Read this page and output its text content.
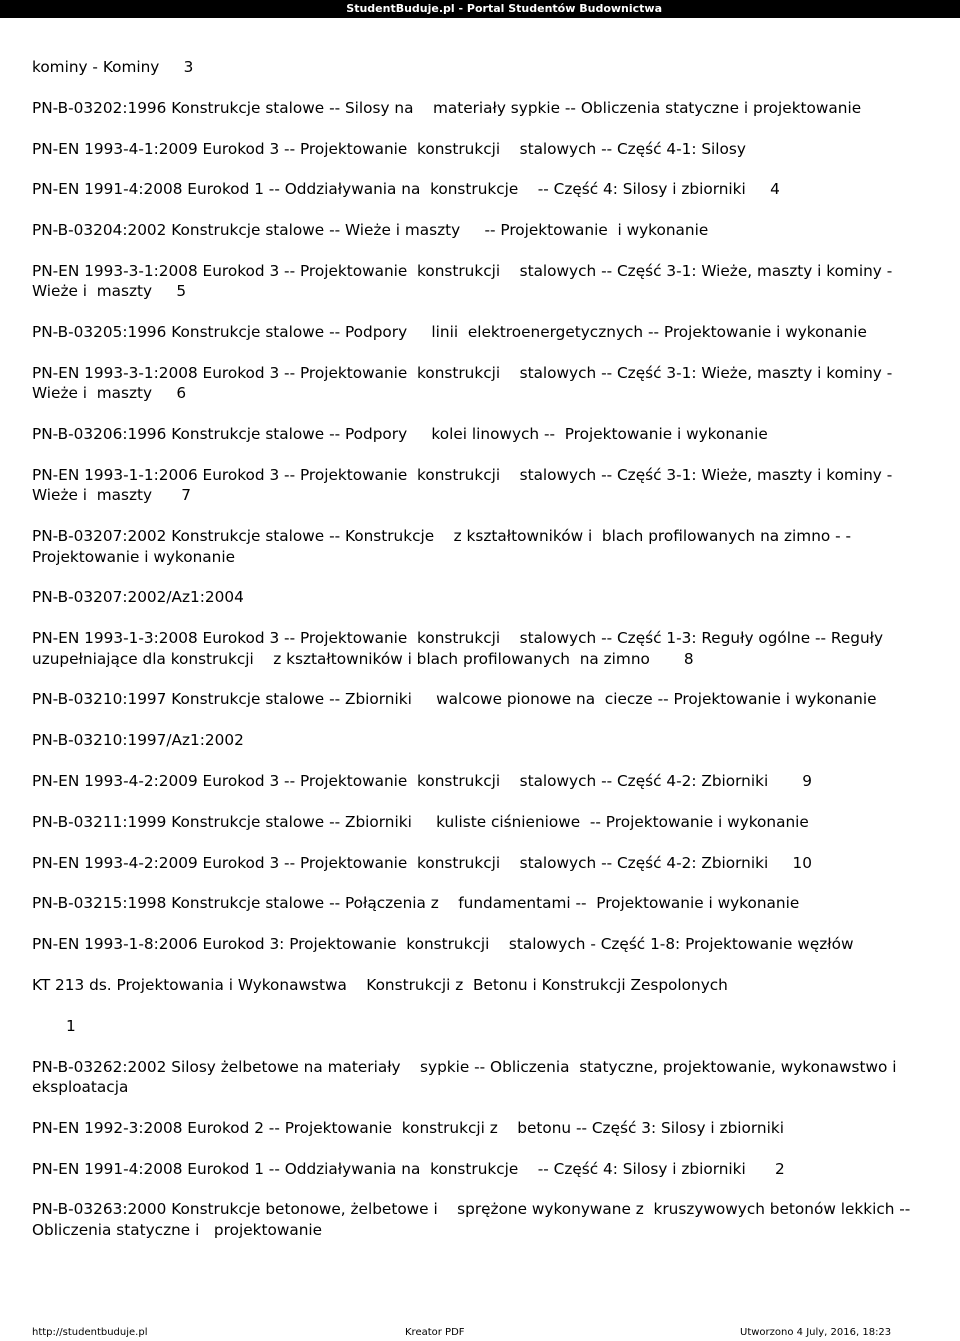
StudentBuduje.pl - Portal Studentów Budownictwa

kominy - Kominy     3

PN-B-03202:1996 Konstrukcje stalowe -- Silosy na    materiały sypkie -- Obliczenia statyczne i projektowanie

PN-EN 1993-4-1:2009 Eurokod 3 -- Projektowanie  konstrukcji    stalowych -- Część 4-1: Silosy

PN-EN 1991-4:2008 Eurokod 1 -- Oddziaływania na  konstrukcje    -- Część 4: Silosy i zbiorniki     4

PN-B-03204:2002 Konstrukcje stalowe -- Wieże i maszty     -- Projektowanie  i wykonanie

PN-EN 1993-3-1:2008 Eurokod 3 -- Projektowanie  konstrukcji    stalowych -- Część 3-1: Wieże, maszty i kominy - Wieże i  maszty     5

PN-B-03205:1996 Konstrukcje stalowe -- Podpory     linii  elektroenergetycznych -- Projektowanie i wykonanie

PN-EN 1993-3-1:2008 Eurokod 3 -- Projektowanie  konstrukcji    stalowych -- Część 3-1: Wieże, maszty i kominy - Wieże i  maszty     6

PN-B-03206:1996 Konstrukcje stalowe -- Podpory     kolei linowych --  Projektowanie i wykonanie

PN-EN 1993-1-1:2006 Eurokod 3 -- Projektowanie  konstrukcji    stalowych -- Część 3-1: Wieże, maszty i kominy - Wieże i  maszty      7

PN-B-03207:2002 Konstrukcje stalowe -- Konstrukcje    z kształtowników i  blach profilowanych na zimno - - Projektowanie i wykonanie

PN-B-03207:2002/Az1:2004

PN-EN 1993-1-3:2008 Eurokod 3 -- Projektowanie  konstrukcji    stalowych -- Część 1-3: Reguły ogólne -- Reguły  uzupełniające dla konstrukcji    z kształtowników i blach profilowanych  na zimno       8

PN-B-03210:1997 Konstrukcje stalowe -- Zbiorniki     walcowe pionowe na  ciecze -- Projektowanie i wykonanie

PN-B-03210:1997/Az1:2002

PN-EN 1993-4-2:2009 Eurokod 3 -- Projektowanie  konstrukcji    stalowych -- Część 4-2: Zbiorniki       9

PN-B-03211:1999 Konstrukcje stalowe -- Zbiorniki     kuliste ciśnieniowe  -- Projektowanie i wykonanie

PN-EN 1993-4-2:2009 Eurokod 3 -- Projektowanie  konstrukcji    stalowych -- Część 4-2: Zbiorniki     10

PN-B-03215:1998 Konstrukcje stalowe -- Połączenia z    fundamentami --  Projektowanie i wykonanie

PN-EN 1993-1-8:2006 Eurokod 3: Projektowanie  konstrukcji    stalowych - Część 1-8: Projektowanie węzłów

KT 213 ds. Projektowania i Wykonawstwa    Konstrukcji z  Betonu i Konstrukcji Zespolonych

1

PN-B-03262:2002 Silosy żelbetowe na materiały    sypkie -- Obliczenia  statyczne, projektowanie, wykonawstwo i eksploatacja

PN-EN 1992-3:2008 Eurokod 2 -- Projektowanie  konstrukcji z    betonu -- Część 3: Silosy i zbiorniki

PN-EN 1991-4:2008 Eurokod 1 -- Oddziaływania na  konstrukcje    -- Część 4: Silosy i zbiorniki      2

PN-B-03263:2000 Konstrukcje betonowe, żelbetowe i    sprężone wykonywane z  kruszywowych betonów lekkich -- Obliczenia statyczne i   projektowanie

http://studentbuduje.pl	Kreator PDF	Utworzono 4 July, 2016, 18:23
